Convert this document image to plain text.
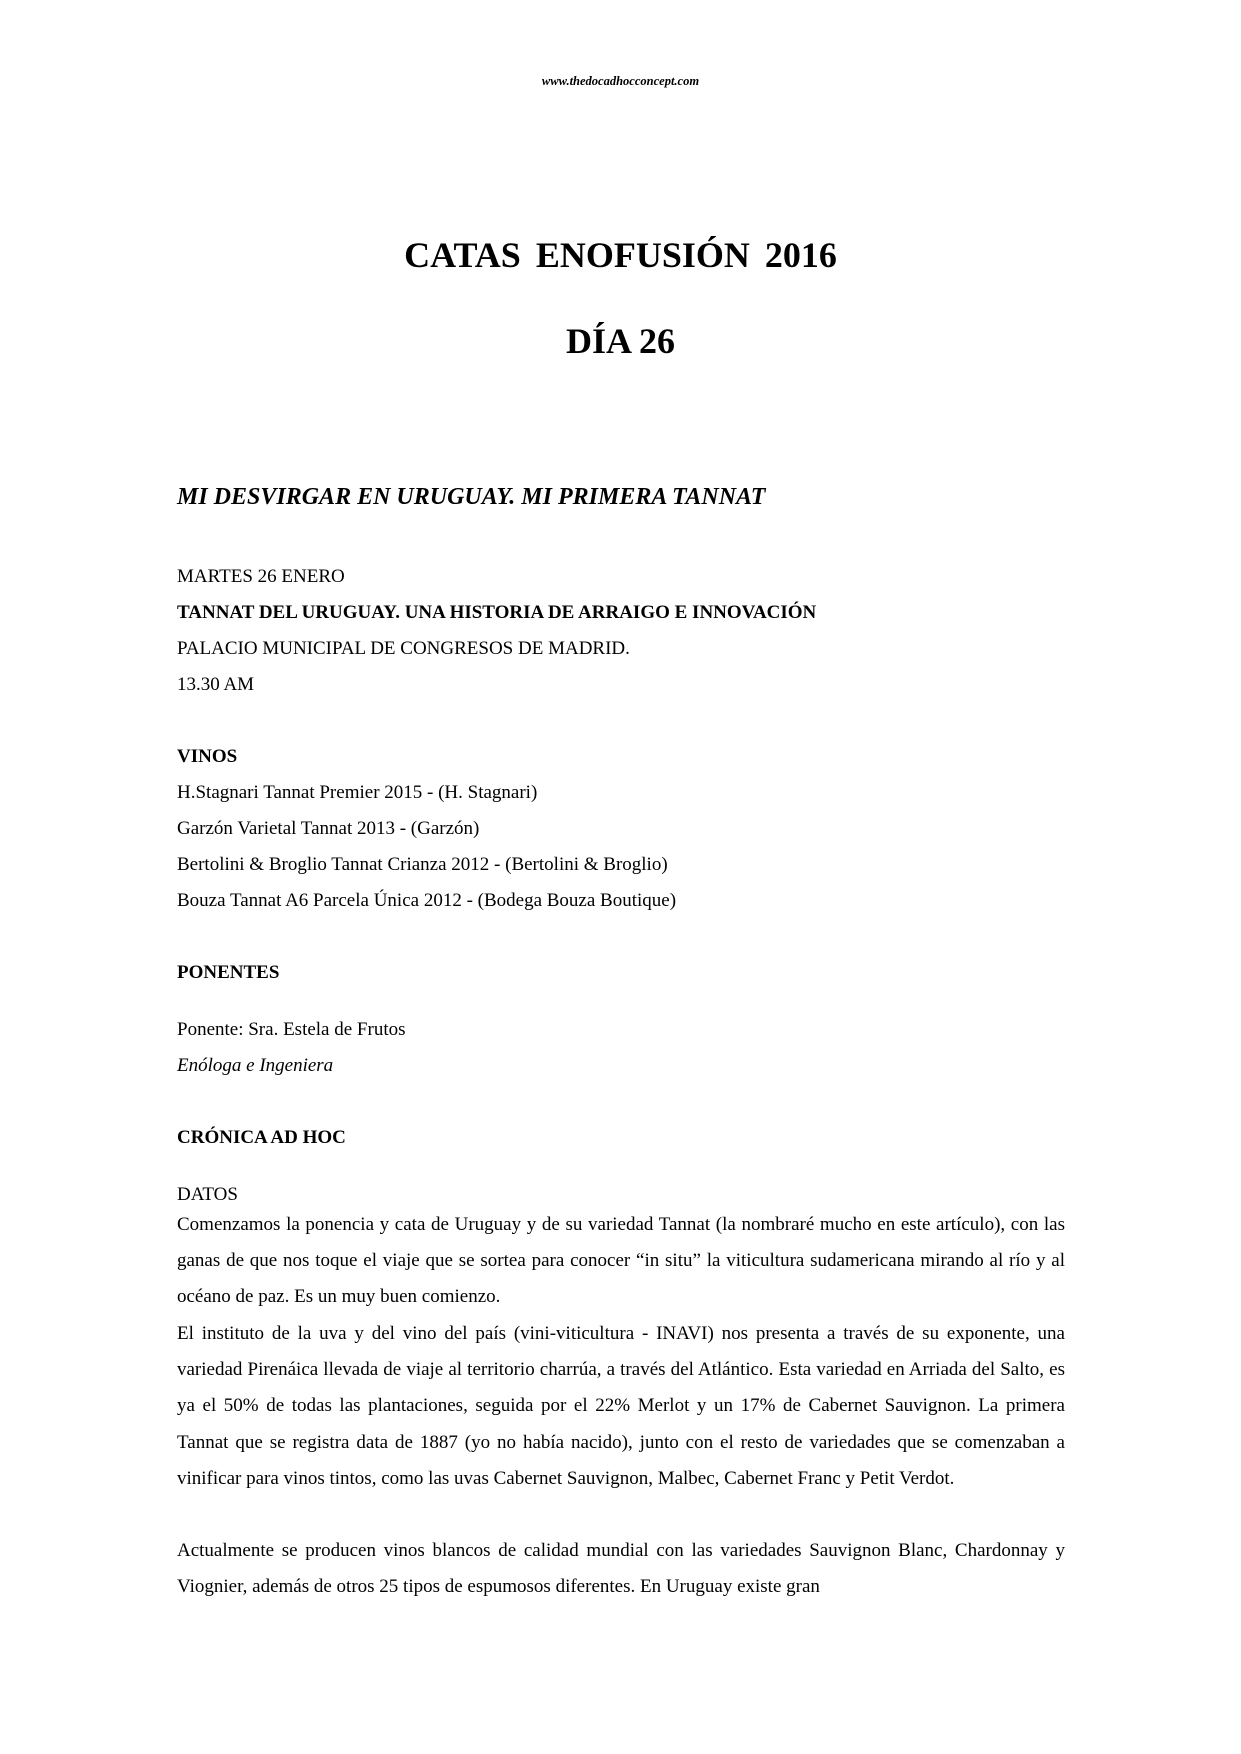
www.thedocadhocconcept.com
CATAS ENOFUSIÓN 2016
DÍA 26
MI DESVIRGAR EN URUGUAY. MI PRIMERA TANNAT
MARTES 26 ENERO
TANNAT DEL URUGUAY. UNA HISTORIA DE ARRAIGO E INNOVACIÓN
PALACIO MUNICIPAL DE CONGRESOS DE MADRID.
13.30 AM
VINOS
H.Stagnari Tannat Premier 2015 - (H. Stagnari)
Garzón Varietal Tannat 2013 - (Garzón)
Bertolini & Broglio Tannat Crianza 2012 - (Bertolini & Broglio)
Bouza Tannat A6 Parcela Única 2012 - (Bodega Bouza Boutique)
PONENTES
Ponente: Sra. Estela de Frutos
Enóloga e Ingeniera
CRÓNICA AD HOC
DATOS

Comenzamos la ponencia y cata de Uruguay y de su variedad Tannat (la nombraré mucho en este artículo), con las ganas de que nos toque el viaje que se sortea para conocer “in situ” la viticultura sudamericana mirando al río y al océano de paz. Es un muy buen comienzo.

El instituto de la uva y del vino del país (vini-viticultura - INAVI) nos presenta a través de su exponente, una variedad Pirenáica llevada de viaje al territorio charrúa, a través del Atlántico. Esta variedad en Arriada del Salto, es ya el 50% de todas las plantaciones, seguida por el 22% Merlot y un 17% de Cabernet Sauvignon. La primera Tannat que se registra data de 1887 (yo no había nacido), junto con el resto de variedades que se comenzaban a vinificar para vinos tintos, como las uvas Cabernet Sauvignon, Malbec, Cabernet Franc y Petit Verdot.

Actualmente se producen vinos blancos de calidad mundial con las variedades Sauvignon Blanc, Chardonnay y Viognier, además de otros 25 tipos de espumosos diferentes. En Uruguay existe gran
